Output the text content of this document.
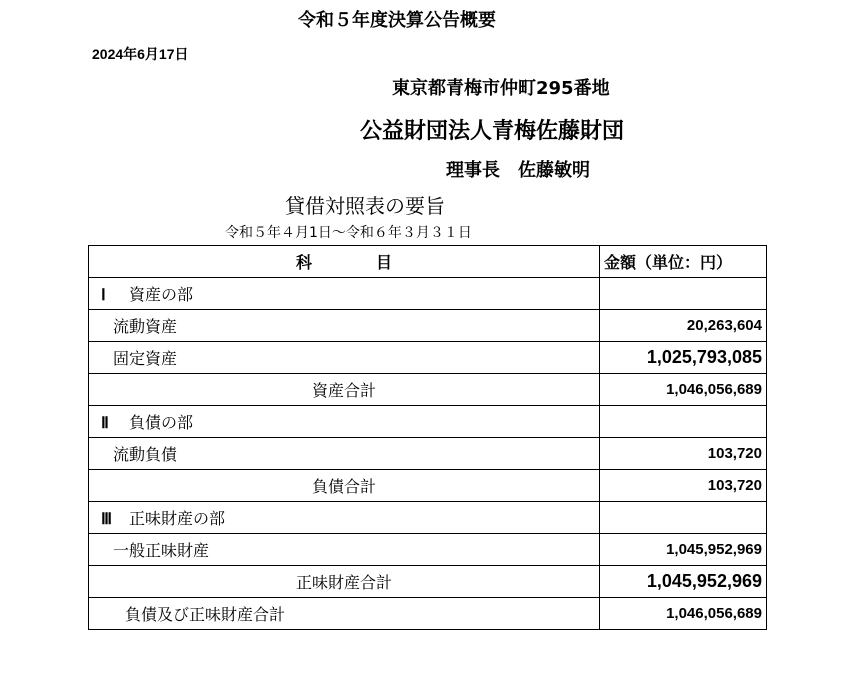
令和５年度決算公告概要
2024年6月17日
東京都青梅市仲町295番地
公益財団法人青梅佐藤財団
理事長　佐藤敏明
貸借対照表の要旨
令和５年４月1日～令和６年３月３１日
科　　　　目	金額（単位：円）
Ⅰ 資産の部	
流動資産	20,263,604
固定資産	1,025,793,085
資産合計	1,046,056,689
Ⅱ 負債の部	
流動負債	103,720
負債合計	103,720
Ⅲ 正味財産の部	
一般正味財産	1,045,952,969
正味財産合計	1,045,952,969
負債及び正味財産合計	1,046,056,689
